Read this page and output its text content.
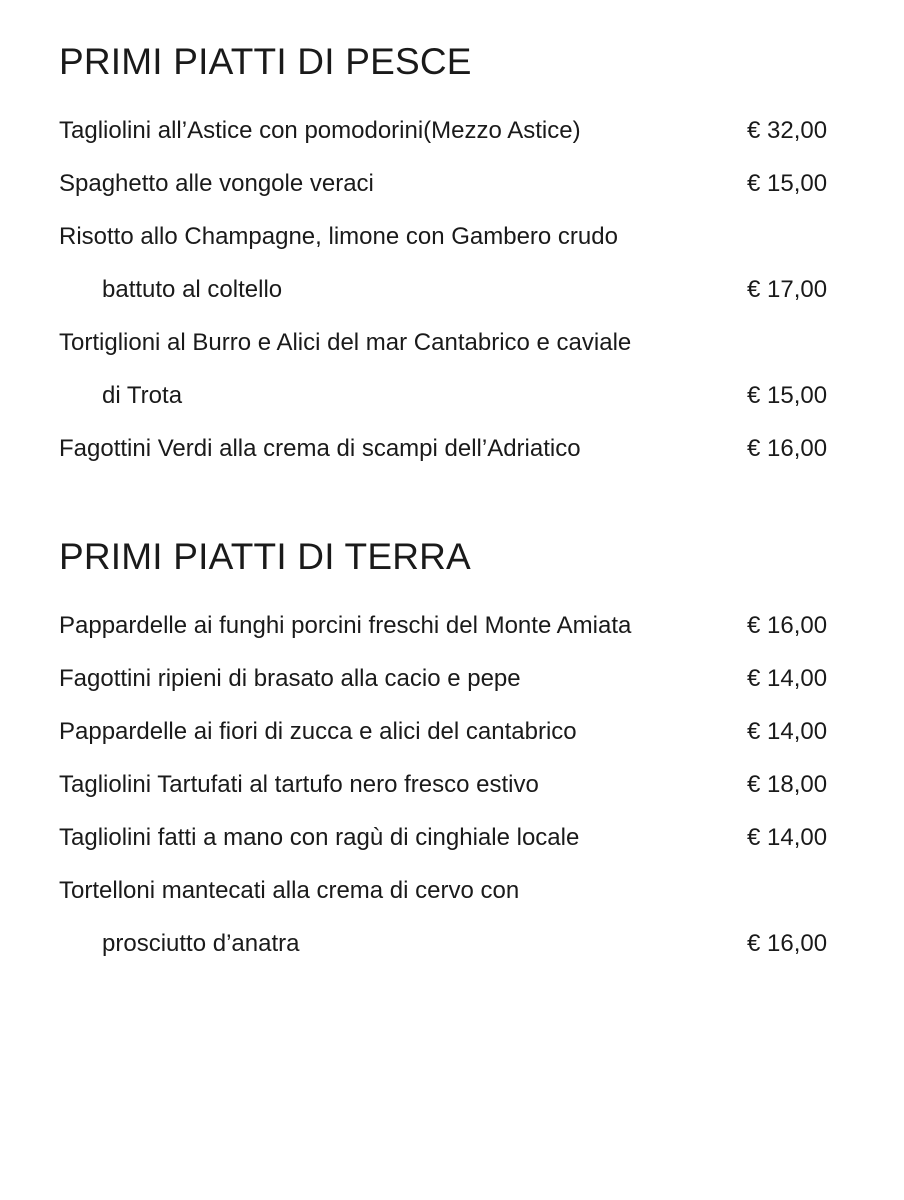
PRIMI PIATTI DI PESCE
Tagliolini all’Astice con pomodorini(Mezzo Astice)	€ 32,00
Spaghetto alle vongole veraci	€ 15,00
Risotto allo Champagne, limone con Gambero crudo
battuto al coltello	€ 17,00
Tortiglioni al Burro e Alici del mar Cantabrico e caviale
di Trota	€ 15,00
Fagottini Verdi alla crema di scampi dell’Adriatico	€ 16,00
PRIMI PIATTI DI TERRA
Pappardelle ai funghi porcini freschi del Monte Amiata	€ 16,00
Fagottini ripieni di brasato alla cacio e pepe	€ 14,00
Pappardelle ai fiori di zucca e alici del cantabrico	€ 14,00
Tagliolini Tartufati al tartufo nero fresco estivo	€ 18,00
Tagliolini fatti a mano con ragù di cinghiale locale	€ 14,00
Tortelloni mantecati alla crema di cervo con
prosciutto d’anatra	€ 16,00
